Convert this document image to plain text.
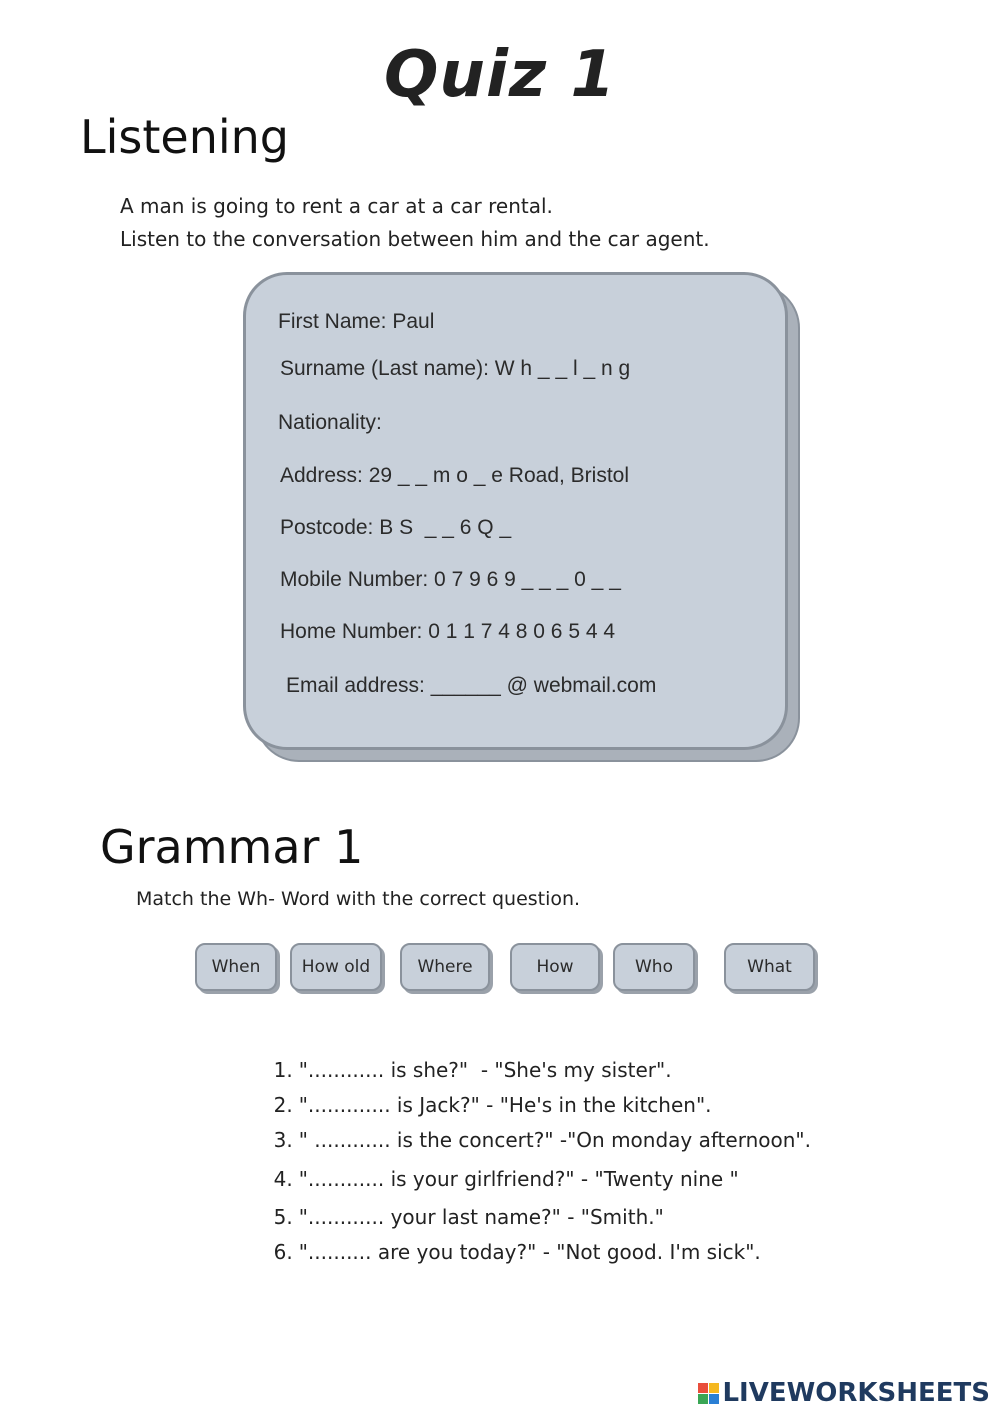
Quiz 1
Listening

A man is going to rent a car at a car rental.

Listen to the conversation between him and the car agent.

First Name: Paul
Surname (Last name): W h _ _ l _ n g
Nationality:
Address: 29 _ _ m o _ e Road, Bristol
Postcode: B S  _ _ 6 Q _
Mobile Number: 0 7 9 6 9 _ _ _ 0 _ _
Home Number: 0 1 1 7 4 8 0 6 5 4 4
Email address: ______ @ webmail.com
Grammar 1
Match the Wh- Word with the correct question.
When	How old	Where	How	Who	What

1. "............ is she?"  - "She's my sister".

2. "............. is Jack?" - "He's in the kitchen".

3. " ............ is the concert?" -"On monday afternoon".

4. "............ is your girlfriend?" - "Twenty nine "

5. "............ your last name?" - "Smith."

6. ".......... are you today?" - "Not good. I'm sick".

LIVEWORKSHEETS
